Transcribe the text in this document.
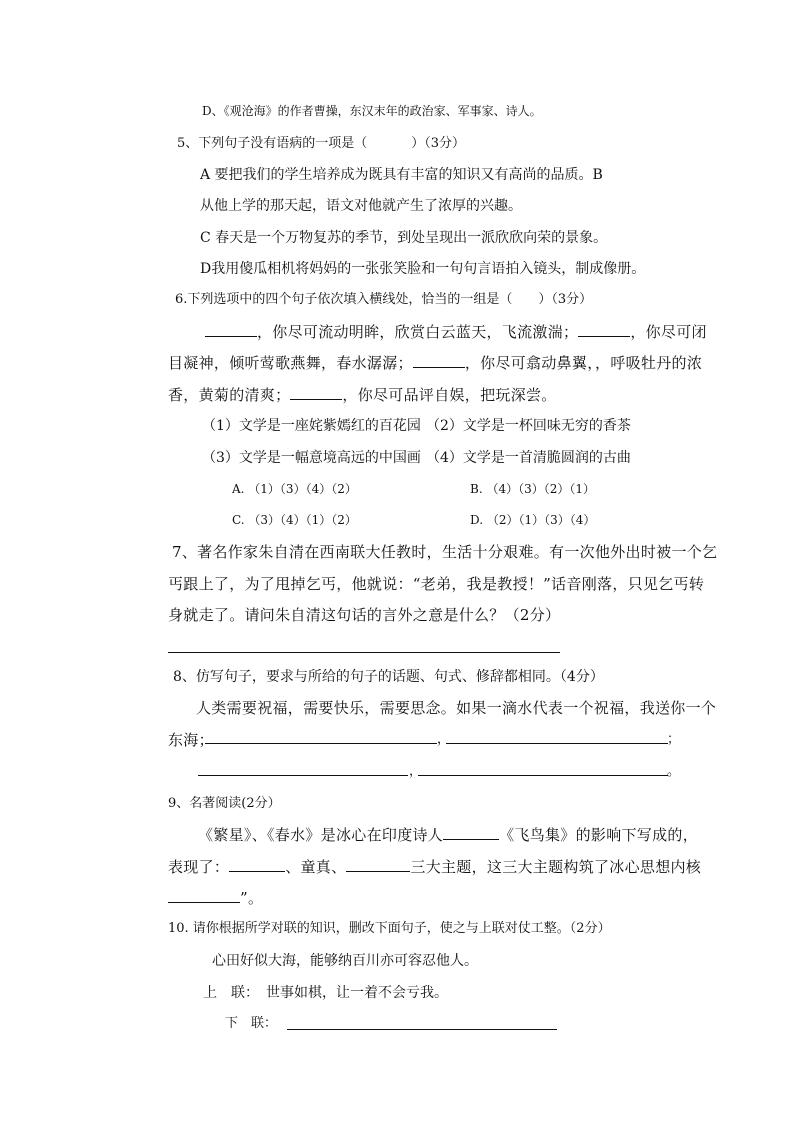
D、《观沧海》的作者曹操，东汉末年的政治家、军事家、诗人。
5、下列句子没有语病的一项是（	）（3分）
A 要把我们的学生培养成为既具有丰富的知识又有高尚的品质。B
从他上学的那天起，语文对他就产生了浓厚的兴趣。
C 春天是一个万物复苏的季节，到处呈现出一派欣欣向荣的景象。
D我用傻瓜相机将妈妈的一张张笑脸和一句句言语拍入镜头，制成像册。
6.下列选项中的四个句子依次填入横线处，恰当的一组是（　　）（3分）
，你尽可流动明眸，欣赏白云蓝天，飞流激湍；	，你尽可闭
目凝神，倾听莺歌燕舞，春水潺潺；	，你尽可翕动鼻翼，，呼吸牡丹的浓
香，黄菊的清爽；	，你尽可品评自娱，把玩深尝。
（1）文学是一座姹紫嫣红的百花园 （2）文学是一杯回味无穷的香茶
（3）文学是一幅意境高远的中国画 （4）文学是一首清脆圆润的古曲
A. （1）（3）（4）（2）	B. （4）（3）（2）（1）
C. （3）（4）（1）（2）	D. （2）（1）（3）（4）
7、著名作家朱自清在西南联大任教时，生活十分艰难。有一次他外出时被一个乞
丐跟上了，为了甩掉乞丐，他就说：“老弟，我是教授！”话音刚落，只见乞丐转
身就走了。请问朱自清这句话的言外之意是什么？（2分）
8、仿写句子，要求与所给的句子的话题、句式、修辞都相同。（4分）
人类需要祝福，需要快乐，需要思念。如果一滴水代表一个祝福，我送你一个
东海；	，	；
，	。
9、名著阅读(2分）
《繁星》、《春水》是冰心在印度诗人	《飞鸟集》的影响下写成的，
表现了：	、童真、	三大主题，这三大主题构筑了冰心思想内核
”。
10. 请你根据所学对联的知识，删改下面句子，使之与上联对仗工整。（2分）
心田好似大海，能够纳百川亦可容忍他人。
上　联：　世事如棋，让一着不会亏我。
下　联：
